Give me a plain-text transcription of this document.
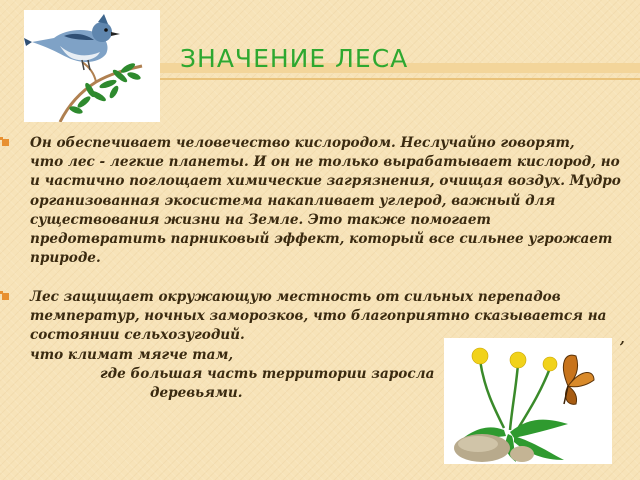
ЗНАЧЕНИЕ ЛЕСА
Он обеспечивает человечество кислородом. Неслучайно говорят,
что лес - легкие планеты. И он не только вырабатывает кислород, но
и частично поглощает химические загрязнения, очищая воздух. Мудро
организованная экосистема накапливает углерод, важный для
существования жизни на Земле. Это также помогает
предотвратить парниковый эффект, который все сильнее угрожает
природе.
Лес защищает окружающую местность от сильных перепадов
температур, ночных заморозков, что благоприятно сказывается на
состоянии сельхозугодий.
что климат мягче там,
где большая часть территории заросла
деревьями.
,
